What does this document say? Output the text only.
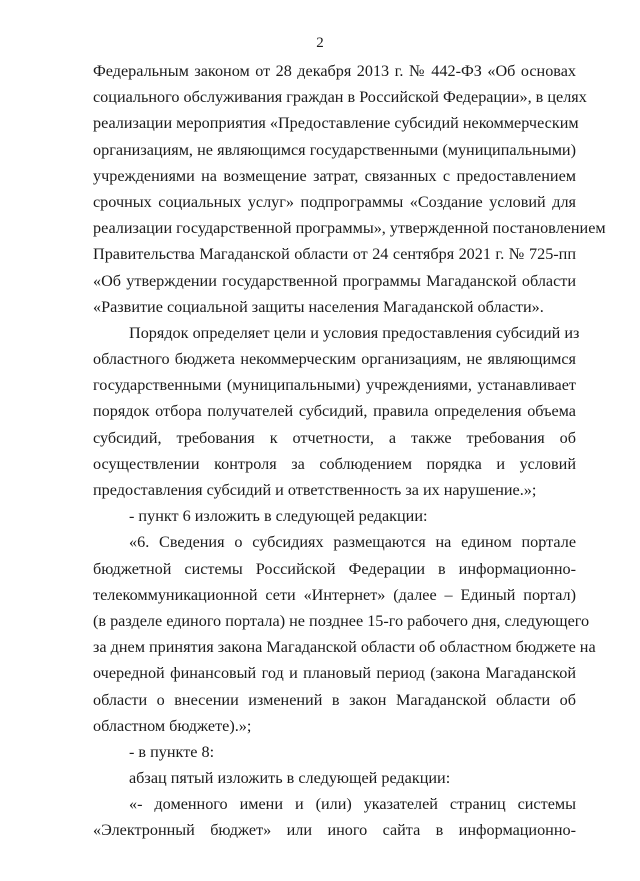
2
Федеральным законом от 28 декабря 2013 г. № 442-ФЗ «Об основах
социального обслуживания граждан в Российской Федерации», в целях
реализации мероприятия «Предоставление субсидий некоммерческим
организациям, не являющимся государственными (муниципальными)
учреждениями на возмещение затрат, связанных с предоставлением
срочных социальных услуг» подпрограммы «Создание условий для
реализации государственной программы», утвержденной постановлением
Правительства Магаданской области от 24 сентября 2021 г. № 725-пп
«Об утверждении государственной программы Магаданской области
«Развитие социальной защиты населения Магаданской области».
Порядок определяет цели и условия предоставления субсидий из
областного бюджета некоммерческим организациям, не являющимся
государственными (муниципальными) учреждениями, устанавливает
порядок отбора получателей субсидий, правила определения объема
субсидий, требования к отчетности, а также требования об
осуществлении контроля за соблюдением порядка и условий
предоставления субсидий и ответственность за их нарушение.»;
- пункт 6 изложить в следующей редакции:
«6. Сведения о субсидиях размещаются на едином портале
бюджетной системы Российской Федерации в информационно-
телекоммуникационной сети «Интернет» (далее – Единый портал)
(в разделе единого портала) не позднее 15-го рабочего дня, следующего
за днем принятия закона Магаданской области об областном бюджете на
очередной финансовый год и плановый период (закона Магаданской
области о внесении изменений в закон Магаданской области об
областном бюджете).»;
- в пункте 8:
абзац пятый изложить в следующей редакции:
«- доменного имени и (или) указателей страниц системы
«Электронный бюджет» или иного сайта в информационно-
